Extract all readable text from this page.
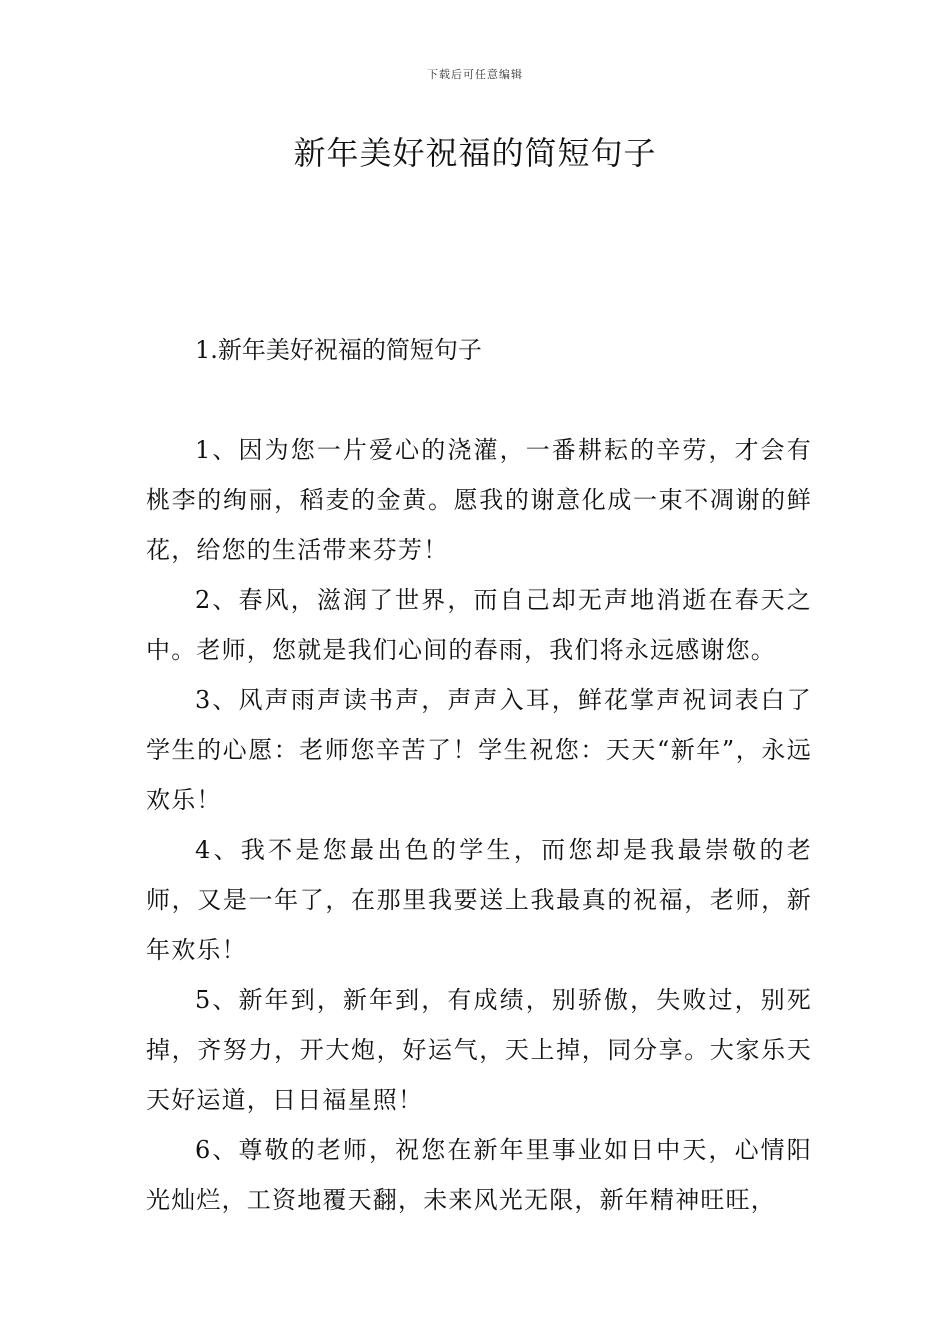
下载后可任意编辑
新年美好祝福的简短句子
1.新年美好祝福的简短句子

1、因为您一片爱心的浇灌，一番耕耘的辛劳，才会有桃李的绚丽，稻麦的金黄。愿我的谢意化成一束不凋谢的鲜花，给您的生活带来芬芳！

2、春风，滋润了世界，而自己却无声地消逝在春天之中。老师，您就是我们心间的春雨，我们将永远感谢您。

3、风声雨声读书声，声声入耳，鲜花掌声祝词表白了学生的心愿：老师您辛苦了！学生祝您：天天“新年”，永远欢乐！

4、我不是您最出色的学生，而您却是我最崇敬的老师，又是一年了，在那里我要送上我最真的祝福，老师，新年欢乐！

5、新年到，新年到，有成绩，别骄傲，失败过，别死掉，齐努力，开大炮，好运气，天上掉，同分享。大家乐天天好运道，日日福星照！

6、尊敬的老师，祝您在新年里事业如日中天，心情阳光灿烂，工资地覆天翻，未来风光无限，新年精神旺旺，
